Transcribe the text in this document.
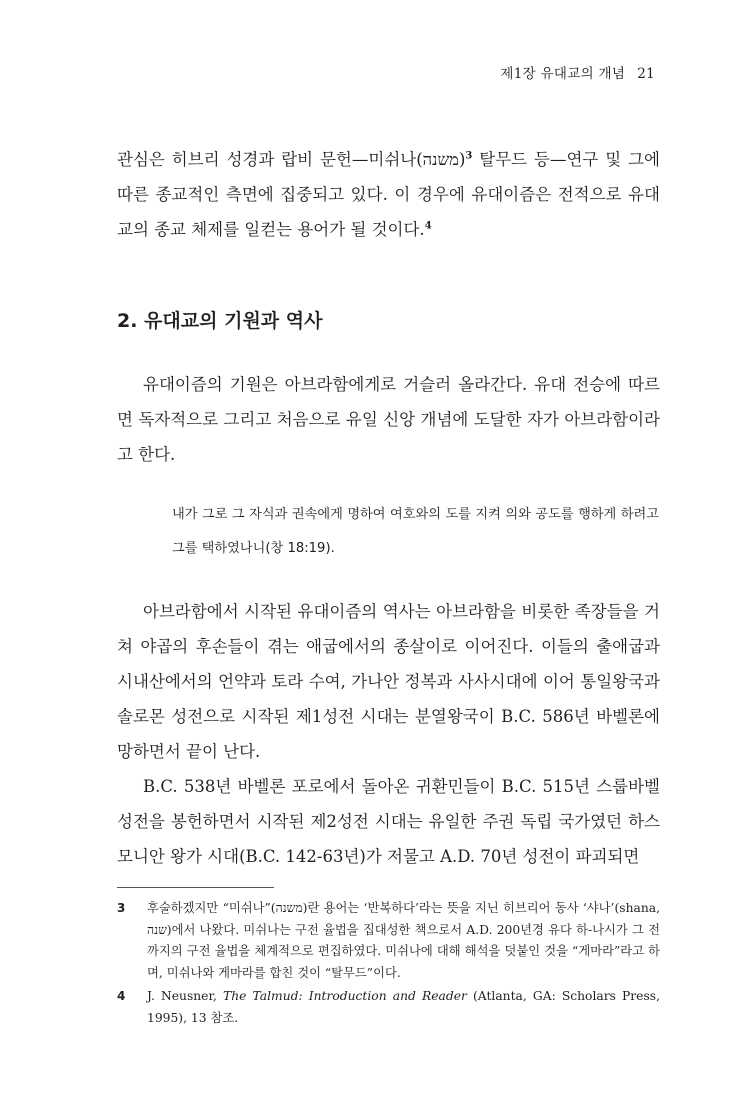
제1장 유대교의 개념 21

관심은 히브리 성경과 랍비 문헌—미쉬나(משנה)$^3$ 탈무드 등—연구 및 그에 따른 종교적인 측면에 집중되고 있다. 이 경우에 유대이즘은 전적으로 유대교의 종교 체제를 일컫는 용어가 될 것이다.$^4$

2. 유대교의 기원과 역사

유대이즘의 기원은 아브라함에게로 거슬러 올라간다. 유대 전승에 따르면 독자적으로 그리고 처음으로 유일 신앙 개념에 도달한 자가 아브라함이라고 한다.

내가 그로 그 자식과 권속에게 명하여 여호와의 도를 지켜 의와 공도를 행하게 하려고 그를 택하였나니(창 18:19).

아브라함에서 시작된 유대이즘의 역사는 아브라함을 비롯한 족장들을 거쳐 야곱의 후손들이 겪는 애굽에서의 종살이로 이어진다. 이들의 출애굽과 시내산에서의 언약과 토라 수여, 가나안 정복과 사사시대에 이어 통일왕국과 솔로몬 성전으로 시작된 제1성전 시대는 분열왕국이 B.C. 586년 바벨론에 망하면서 끝이 난다.

B.C. 538년 바벨론 포로에서 돌아온 귀환민들이 B.C. 515년 스룹바벨 성전을 봉헌하면서 시작된 제2성전 시대는 유일한 주권 독립 국가였던 하스모니안 왕가 시대(B.C. 142-63년)가 저물고 A.D. 70년 성전이 파괴되면

3	후술하겠지만 “미쉬나”(משנה)란 용어는 ‘반복하다’라는 뜻을 지닌 히브리어 동사 ‘샤나’(shana, שנה)에서 나왔다. 미쉬나는 구전 율법을 집대성한 책으로서 A.D. 200년경 유다 하-나시가 그 전까지의 구전 율법을 체계적으로 편집하였다. 미쉬나에 대해 해석을 덧붙인 것을 “게마라”라고 하며, 미쉬나와 게마라를 합친 것이 “탈무드”이다.
4	J. Neusner, The Talmud: Introduction and Reader (Atlanta, GA: Scholars Press, 1995), 13 참조.
